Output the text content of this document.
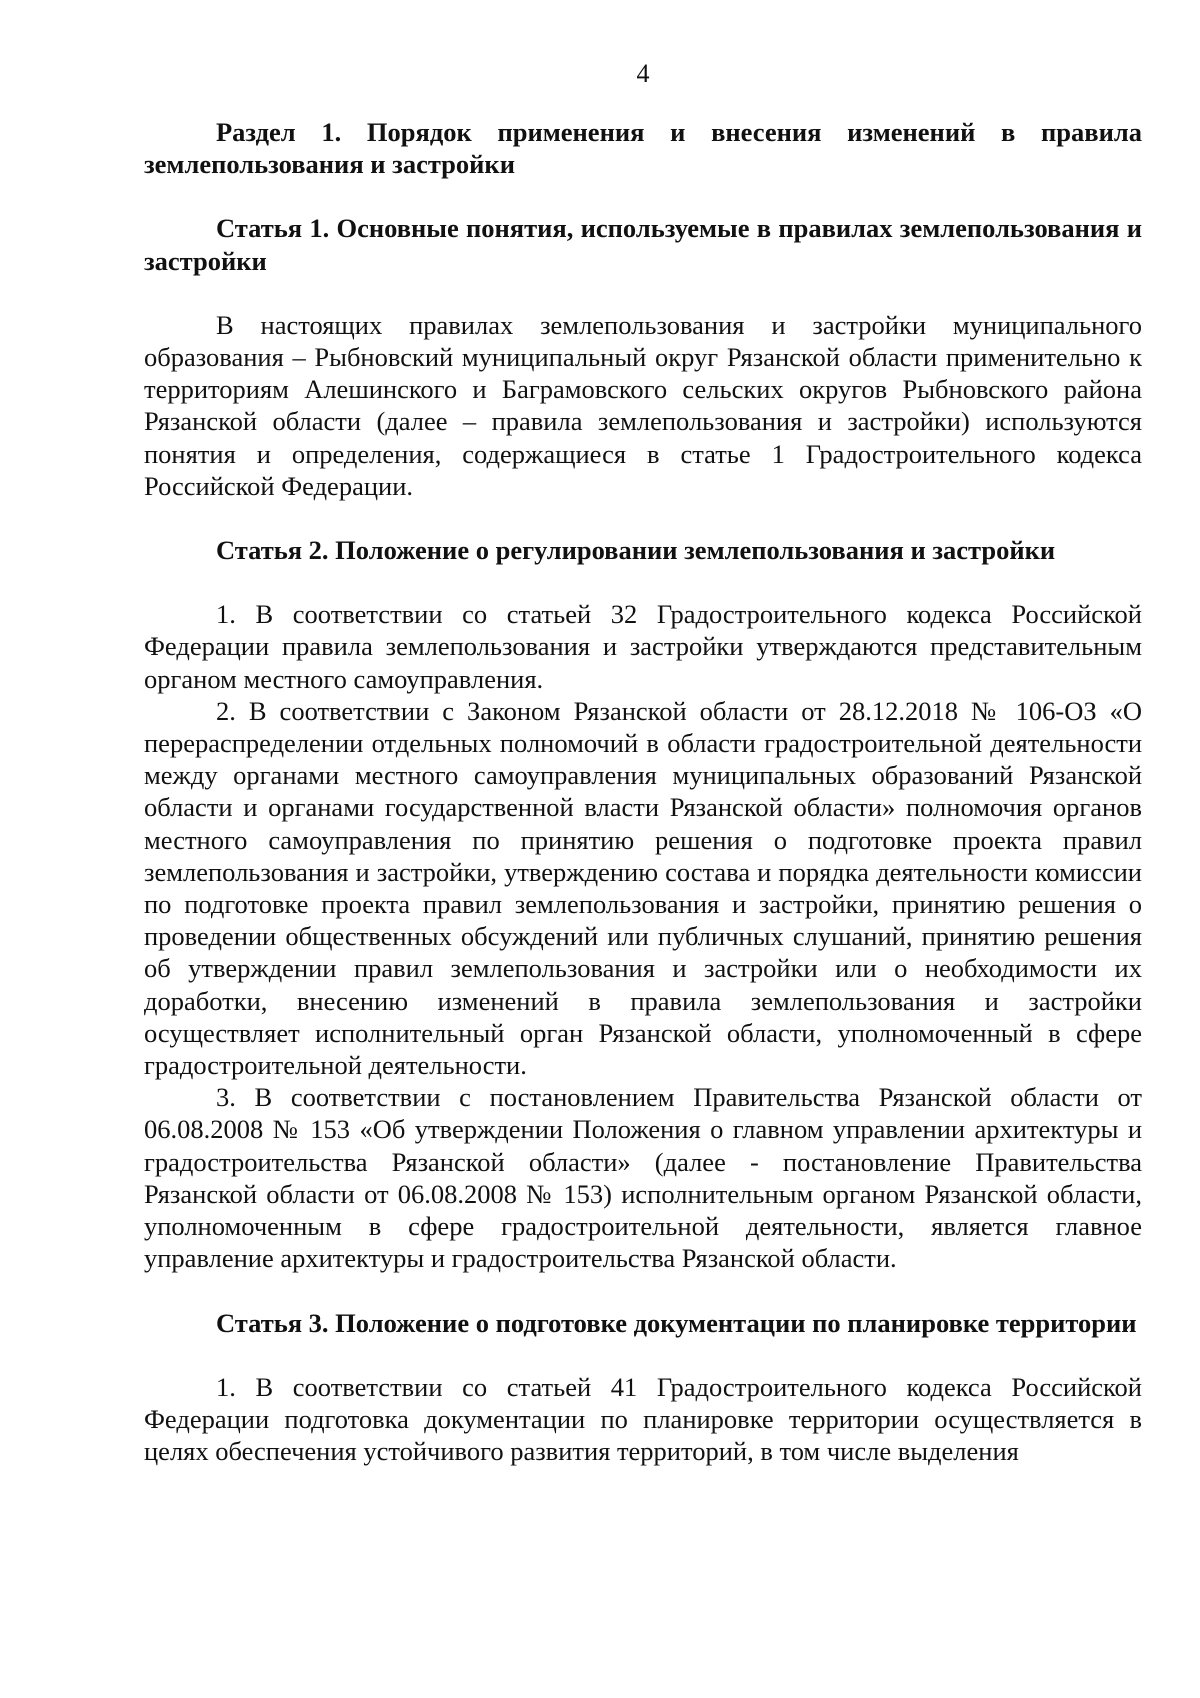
4

Раздел 1. Порядок применения и внесения изменений в правила землепользования и застройки

Статья 1. Основные понятия, используемые в правилах землепользования и застройки

В настоящих правилах землепользования и застройки муниципального образования – Рыбновский муниципальный округ Рязанской области применительно к территориям Алешинского и Баграмовского сельских округов Рыбновского района Рязанской области (далее – правила землепользования и застройки) используются понятия и определения, содержащиеся в статье 1 Градостроительного кодекса Российской Федерации.

Статья 2. Положение о регулировании землепользования и застройки

1. В соответствии со статьей 32 Градостроительного кодекса Российской Федерации правила землепользования и застройки утверждаются представительным органом местного самоуправления.

2. В соответствии с Законом Рязанской области от 28.12.2018 № 106-ОЗ «О перераспределении отдельных полномочий в области градостроительной деятельности между органами местного самоуправления муниципальных образований Рязанской области и органами государственной власти Рязанской области» полномочия органов местного самоуправления по принятию решения о подготовке проекта правил землепользования и застройки, утверждению состава и порядка деятельности комиссии по подготовке проекта правил землепользования и застройки, принятию решения о проведении общественных обсуждений или публичных слушаний, принятию решения об утверждении правил землепользования и застройки или о необходимости их доработки, внесению изменений в правила землепользования и застройки осуществляет исполнительный орган Рязанской области, уполномоченный в сфере градостроительной деятельности.

3. В соответствии с постановлением Правительства Рязанской области от 06.08.2008 № 153 «Об утверждении Положения о главном управлении архитектуры и градостроительства Рязанской области» (далее - постановление Правительства Рязанской области от 06.08.2008 № 153) исполнительным органом Рязанской области, уполномоченным в сфере градостроительной деятельности, является главное управление архитектуры и градостроительства Рязанской области.

Статья 3. Положение о подготовке документации по планировке территории

1. В соответствии со статьей 41 Градостроительного кодекса Российской Федерации подготовка документации по планировке территории осуществляется в целях обеспечения устойчивого развития территорий, в том числе выделения
